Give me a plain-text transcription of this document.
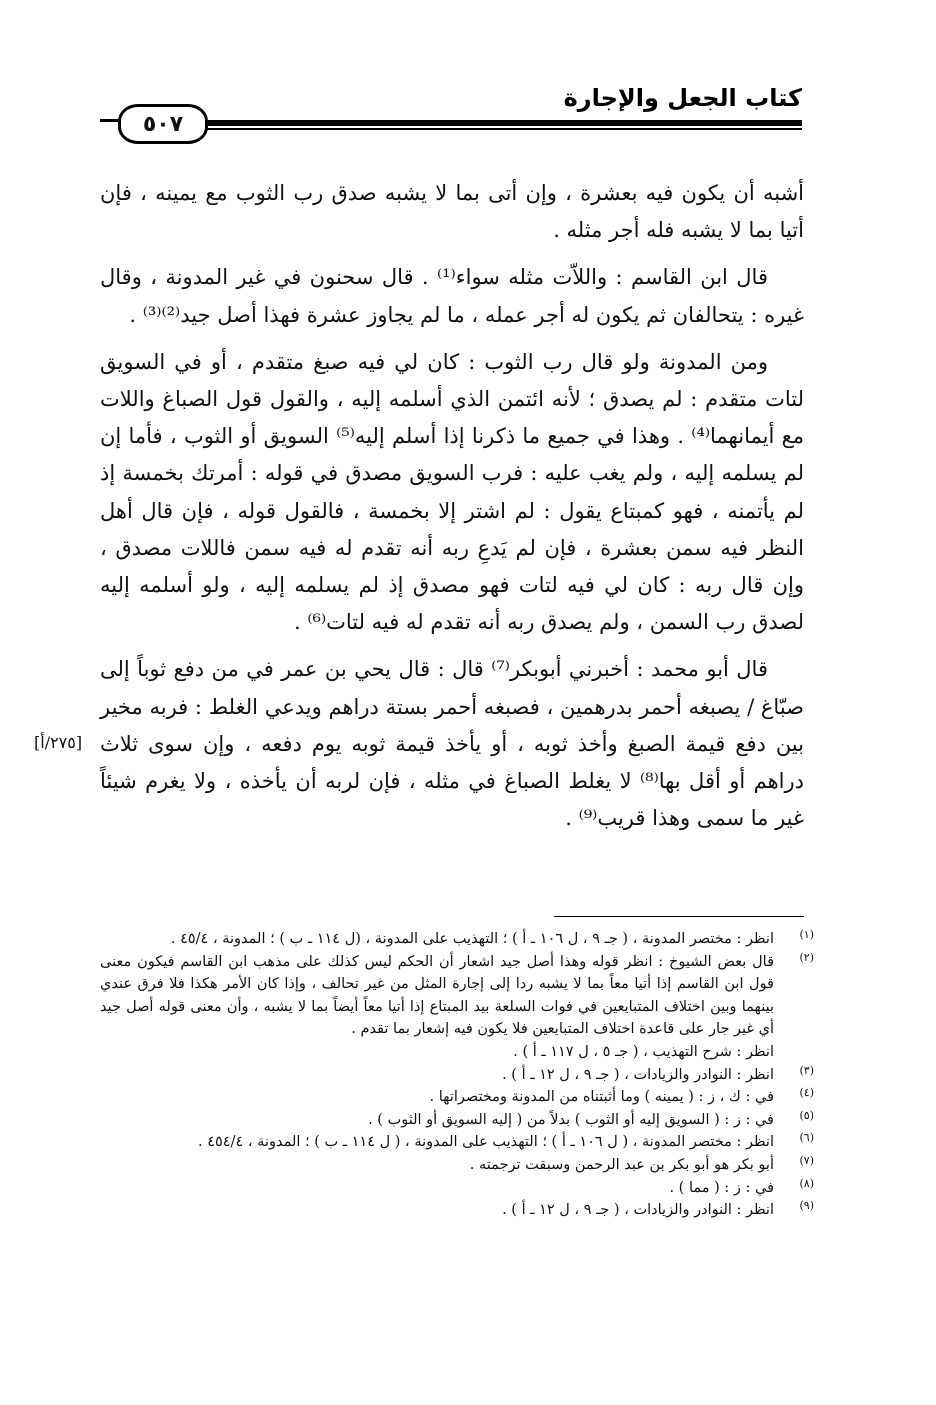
كتاب الجعل والإجارة
٥٠٧

أشبه أن يكون فيه بعشرة ، وإن أتى بما لا يشبه صدق رب الثوب مع يمينه ، فإن أتيا بما لا يشبه فله أجر مثله .

قال ابن القاسم : واللاّت مثله سواء⁽¹⁾ . قال سحنون في غير المدونة ، وقال غيره : يتحالفان ثم يكون له أجر عمله ، ما لم يجاوز عشرة فهذا أصل جيد⁽²⁾⁽³⁾ .

ومن المدونة ولو قال رب الثوب : كان لي فيه صبغ متقدم ، أو في السويق لتات متقدم : لم يصدق ؛ لأنه ائتمن الذي أسلمه إليه ، والقول قول الصباغ واللات مع أيمانهما⁽⁴⁾ . وهذا في جميع ما ذكرنا إذا أسلم إليه⁽⁵⁾ السويق أو الثوب ، فأما إن لم يسلمه إليه ، ولم يغب عليه : فرب السويق مصدق في قوله : أمرتك بخمسة إذ لم يأتمنه ، فهو كمبتاع يقول : لم اشتر إلا بخمسة ، فالقول قوله ، فإن قال أهل النظر فيه سمن بعشرة ، فإن لم يَدعِ ربه أنه تقدم له فيه سمن فاللات مصدق ، وإن قال ربه : كان لي فيه لتات فهو مصدق إذ لم يسلمه إليه ، ولو أسلمه إليه لصدق رب السمن ، ولم يصدق ربه أنه تقدم له فيه لتات⁽⁶⁾ .

قال أبو محمد : أخبرني أبوبكر⁽⁷⁾ قال : قال يحي بن عمر في من دفع ثوباً إلى صبّاغ / يصبغه أحمر بدرهمين ، فصبغه أحمر بستة دراهم ويدعي الغلط : فربه مخير بين دفع قيمة الصبغ وأخذ ثوبه ، أو يأخذ قيمة ثوبه يوم دفعه ، وإن سوى ثلاث دراهم أو أقل بها⁽⁸⁾ لا يغلط الصباغ في مثله ، فإن لربه أن يأخذه ، ولا يغرم شيئاً غير ما سمى وهذا قريب⁽⁹⁾ .

[٢٧٥/أ]
(١)
انظر : مختصر المدونة ، ( جـ ٩ ، ل ١٠٦ ـ أ ) ؛ التهذيب على المدونة ، (ل ١١٤ ـ ب ) ؛ المدونة ، ٤٥/٤ .
(٢)
قال بعض الشيوخ : انظر قوله وهذا أصل جيد اشعار أن الحكم ليس كذلك على مذهب ابن القاسم فيكون معنى قول ابن القاسم إذا أتيا معاً بما لا يشبه ردا إلى إجارة المثل من غير تحالف ، وإذا كان الأمر هكذا فلا فرق عندي بينهما وبين اختلاف المتبايعين في فوات السلعة بيد المبتاع إذا أتيا معاً أيضاً بما لا يشبه ، وأن معنى قوله أصل جيد أي غير جار على قاعدة اختلاف المتبايعين فلا يكون فيه إشعار بما تقدم .
انظر : شرح التهذيب ، ( جـ ٥ ، ل ١١٧ ـ أ ) .
(٣)
انظر : النوادر والزيادات ، ( جـ ٩ ، ل ١٢ ـ أ ) .
(٤)
في : ك ، ز : ( يمينه ) وما أثبتناه من المدونة ومختصراتها .
(٥)
في : ز : ( السويق إليه أو الثوب ) بدلاً من ( إليه السويق أو الثوب ) .
(٦)
انظر : مختصر المدونة ، ( ل ١٠٦ ـ أ ) ؛ التهذيب على المدونة ، ( ل ١١٤ ـ ب ) ؛ المدونة ، ٤٥٤/٤ .
(٧)
أبو بكر هو أبو بكر بن عبد الرحمن وسبقت ترجمته .
(٨)
في : ز : ( مما ) .
(٩)
انظر : النوادر والزيادات ، ( جـ ٩ ، ل ١٢ ـ أ ) .
